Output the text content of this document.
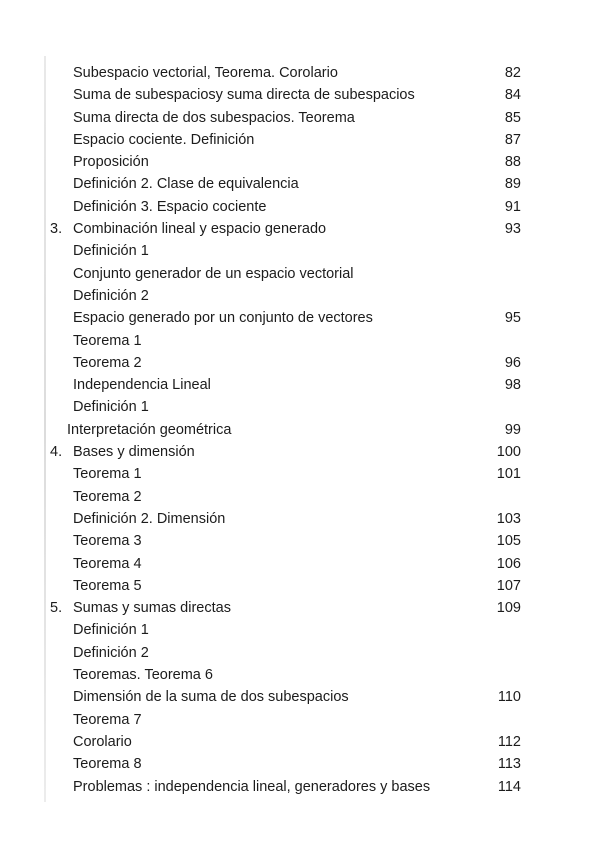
Subespacio vectorial, Teorema. Corolario	82
Suma de subespaciosy suma directa de subespacios	84
Suma directa de dos subespacios. Teorema	85
Espacio cociente. Definición	87
Proposición	88
Definición 2. Clase de equivalencia	89
Definición 3. Espacio cociente	91
3. Combinación lineal y espacio generado	93
Definición 1
Conjunto generador de un espacio vectorial
Definición 2
Espacio generado por un conjunto de vectores	95
Teorema 1
Teorema 2	96
Independencia Lineal	98
Definición 1
Interpretación geométrica	99
4. Bases y dimensión	100
Teorema 1	101
Teorema 2
Definición 2. Dimensión	103
Teorema 3	105
Teorema 4	106
Teorema 5	107
5. Sumas y sumas directas	109
Definición 1
Definición 2
Teoremas. Teorema 6
Dimensión de la suma de dos subespacios	110
Teorema 7
Corolario	112
Teorema 8	113
Problemas : independencia lineal, generadores y bases	114
